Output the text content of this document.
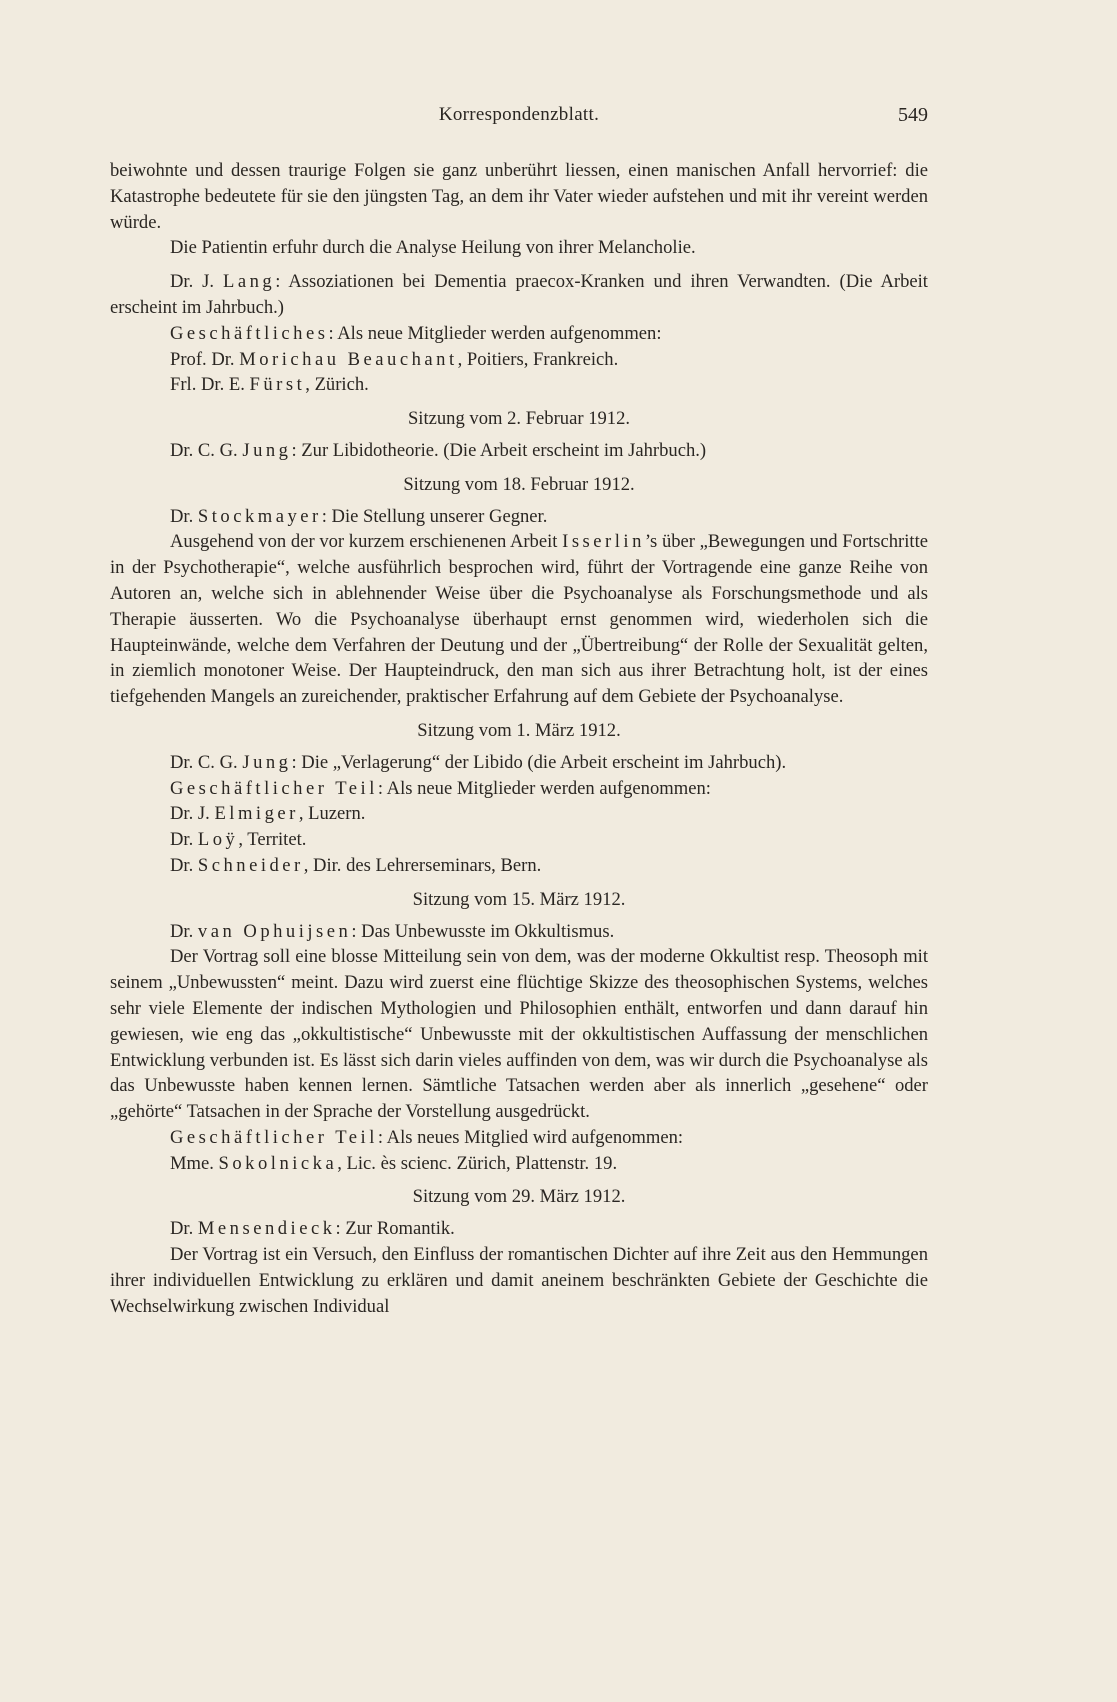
Korrespondenzblatt.	549

beiwohnte und dessen traurige Folgen sie ganz unberührt liessen, einen manischen Anfall hervorrief: die Katastrophe bedeutete für sie den jüngsten Tag, an dem ihr Vater wieder aufstehen und mit ihr vereint werden würde.

Die Patientin erfuhr durch die Analyse Heilung von ihrer Melancholie.

Dr. J. Lang: Assoziationen bei Dementia praecox-Kranken und ihren Verwandten. (Die Arbeit erscheint im Jahrbuch.)

Geschäftliches: Als neue Mitglieder werden aufgenommen:

Prof. Dr. Morichau Beauchant, Poitiers, Frankreich.

Frl. Dr. E. Fürst, Zürich.

Sitzung vom 2. Februar 1912.

Dr. C. G. Jung: Zur Libidotheorie. (Die Arbeit erscheint im Jahrbuch.)

Sitzung vom 18. Februar 1912.

Dr. Stockmayer: Die Stellung unserer Gegner.

Ausgehend von der vor kurzem erschienenen Arbeit Isserlin’s über „Bewegungen und Fortschritte in der Psychotherapie“, welche ausführlich besprochen wird, führt der Vortragende eine ganze Reihe von Autoren an, welche sich in ablehnender Weise über die Psychoanalyse als Forschungsmethode und als Therapie äusserten. Wo die Psychoanalyse überhaupt ernst genommen wird, wiederholen sich die Haupteinwände, welche dem Verfahren der Deutung und der „Übertreibung“ der Rolle der Sexualität gelten, in ziemlich monotoner Weise. Der Haupteindruck, den man sich aus ihrer Betrachtung holt, ist der eines tiefgehenden Mangels an zureichender, praktischer Erfahrung auf dem Gebiete der Psychoanalyse.

Sitzung vom 1. März 1912.

Dr. C. G. Jung: Die „Verlagerung“ der Libido (die Arbeit erscheint im Jahrbuch).

Geschäftlicher Teil: Als neue Mitglieder werden aufgenommen:

Dr. J. Elmiger, Luzern.

Dr. Loÿ, Territet.

Dr. Schneider, Dir. des Lehrerseminars, Bern.

Sitzung vom 15. März 1912.

Dr. van Ophuijsen: Das Unbewusste im Okkultismus.

Der Vortrag soll eine blosse Mitteilung sein von dem, was der moderne Okkultist resp. Theosoph mit seinem „Unbewussten“ meint. Dazu wird zuerst eine flüchtige Skizze des theosophischen Systems, welches sehr viele Elemente der indischen Mythologien und Philosophien enthält, entworfen und dann darauf hin gewiesen, wie eng das „okkultistische“ Unbewusste mit der okkultistischen Auffassung der menschlichen Entwicklung verbunden ist. Es lässt sich darin vieles auffinden von dem, was wir durch die Psychoanalyse als das Unbewusste haben kennen lernen. Sämtliche Tatsachen werden aber als innerlich „gesehene“ oder „gehörte“ Tatsachen in der Sprache der Vorstellung ausgedrückt.

Geschäftlicher Teil: Als neues Mitglied wird aufgenommen:

Mme. Sokolnicka, Lic. ès scienc. Zürich, Plattenstr. 19.

Sitzung vom 29. März 1912.

Dr. Mensendieck: Zur Romantik.

Der Vortrag ist ein Versuch, den Einfluss der romantischen Dichter auf ihre Zeit aus den Hemmungen ihrer individuellen Entwicklung zu erklären und damit aneinem beschränkten Gebiete der Geschichte die Wechselwirkung zwischen Individual
